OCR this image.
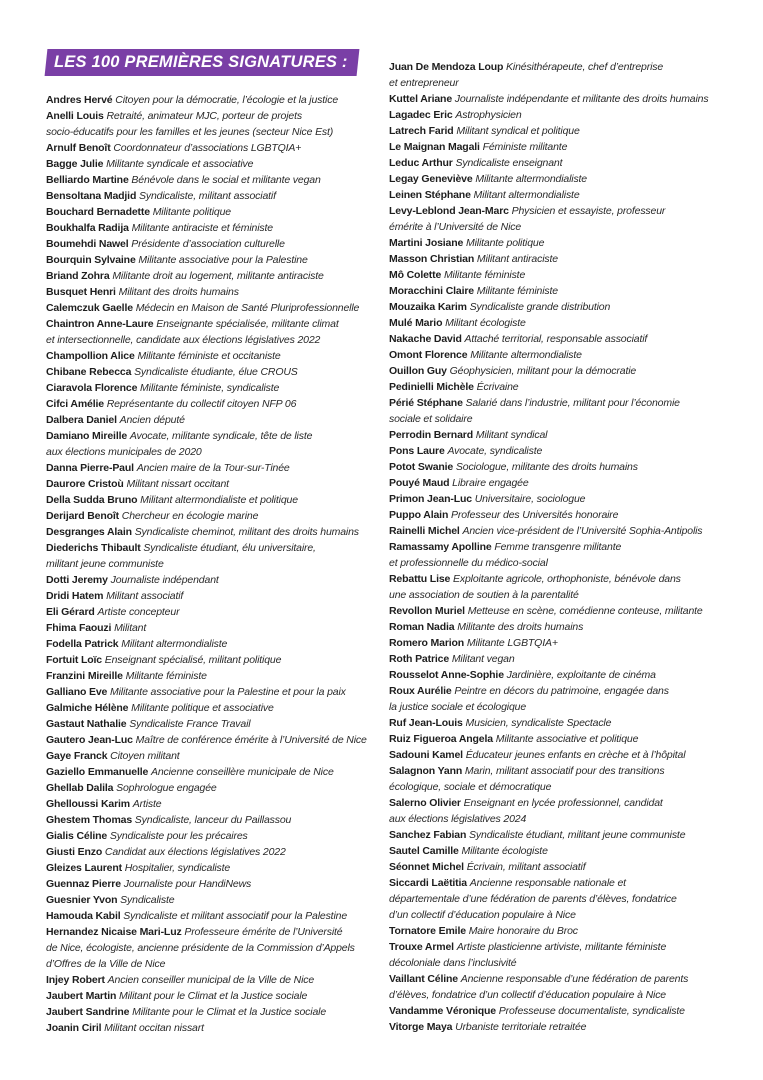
LES 100 PREMIÈRES SIGNATURES :
Andres Hervé Citoyen pour la démocratie, l’écologie et la justice
Anelli Louis Retraité, animateur MJC, porteur de projets
socio-éducatifs pour les familles et les jeunes (secteur Nice Est)
Arnulf Benoît Coordonnateur d’associations LGBTQIA+
Bagge Julie Militante syndicale et associative
Belliardo Martine Bénévole dans le social et militante vegan
Bensoltana Madjid Syndicaliste, militant associatif
Bouchard Bernadette Militante politique
Boukhalfa Radija Militante antiraciste et féministe
Boumehdi Nawel Présidente d’association culturelle
Bourquin Sylvaine Militante associative pour la Palestine
Briand Zohra Militante droit au logement, militante antiraciste
Busquet Henri Militant des droits humains
Calemczuk Gaelle Médecin en Maison de Santé Pluriprofessionnelle
Chaintron Anne-Laure Enseignante spécialisée, militante climat
et intersectionnelle, candidate aux élections législatives 2022
Champollion Alice Militante féministe et occitaniste
Chibane Rebecca Syndicaliste étudiante, élue CROUS
Ciaravola Florence Militante féministe, syndicaliste
Cifci Amélie Représentante du collectif citoyen NFP 06
Dalbera Daniel Ancien député
Damiano Mireille Avocate, militante syndicale, tête de liste
aux élections municipales de 2020
Danna Pierre-Paul Ancien maire de la Tour-sur-Tinée
Daurore Cristoù Militant nissart occitant
Della Sudda Bruno Militant altermondialiste et politique
Derijard Benoît Chercheur en écologie marine
Desgranges Alain Syndicaliste cheminot, militant des droits humains
Diederichs Thibault Syndicaliste étudiant, élu universitaire,
militant jeune communiste
Dotti Jeremy Journaliste indépendant
Dridi Hatem Militant associatif
Eli Gérard Artiste concepteur
Fhima Faouzi Militant
Fodella Patrick Militant altermondialiste
Fortuit Loïc Enseignant spécialisé, militant politique
Franzini Mireille Militante féministe
Galliano Eve Militante associative pour la Palestine et pour la paix
Galmiche Hélène Militante politique et associative
Gastaut Nathalie Syndicaliste France Travail
Gautero Jean-Luc Maître de conférence émérite à l’Université de Nice
Gaye Franck Citoyen militant
Gaziello Emmanuelle Ancienne conseillère municipale de Nice
Ghellab Dalila Sophrologue engagée
Ghelloussi Karim Artiste
Ghestem Thomas Syndicaliste, lanceur du Paillassou
Gialis Céline Syndicaliste pour les précaires
Giusti Enzo Candidat aux élections législatives 2022
Gleizes Laurent Hospitalier, syndicaliste
Guennaz Pierre Journaliste pour HandiNews
Guesnier Yvon Syndicaliste
Hamouda Kabil Syndicaliste et militant associatif pour la Palestine
Hernandez Nicaise Mari-Luz Professeure émérite de l’Université
de Nice, écologiste, ancienne présidente de la Commission d’Appels
d’Offres de la Ville de Nice
Injey Robert Ancien conseiller municipal de la Ville de Nice
Jaubert Martin Militant pour le Climat et la Justice sociale
Jaubert Sandrine Militante pour le Climat et la Justice sociale
Joanin Ciril Militant occitan nissart
Juan De Mendoza Loup Kinésithérapeute, chef d’entreprise
et entrepreneur
Kuttel Ariane Journaliste indépendante et militante des droits humains
Lagadec Eric Astrophysicien
Latrech Farid Militant syndical et politique
Le Maignan Magali Féministe militante
Leduc Arthur Syndicaliste enseignant
Legay Geneviève Militante altermondialiste
Leinen Stéphane Militant altermondialiste
Levy-Leblond Jean-Marc Physicien et essayiste, professeur
émérite à l’Université de Nice
Martini Josiane Militante politique
Masson Christian Militant antiraciste
Mô Colette Militante féministe
Moracchini Claire Militante féministe
Mouzaika Karim Syndicaliste grande distribution
Mulé Mario Militant écologiste
Nakache David Attaché territorial, responsable associatif
Omont Florence Militante altermondialiste
Ouillon Guy Géophysicien, militant pour la démocratie
Pedinielli Michèle Écrivaine
Périé Stéphane Salarié dans l’industrie, militant pour l’économie
sociale et solidaire
Perrodin Bernard Militant syndical
Pons Laure Avocate, syndicaliste
Potot Swanie Sociologue, militante des droits humains
Pouyé Maud Libraire engagée
Primon Jean-Luc Universitaire, sociologue
Puppo Alain Professeur des Universités honoraire
Rainelli Michel Ancien vice-président de l’Université Sophia-Antipolis
Ramassamy Apolline Femme transgenre militante
et professionnelle du médico-social
Rebattu Lise Exploitante agricole, orthophoniste, bénévole dans
une association de soutien à la parentalité
Revollon Muriel Metteuse en scène, comédienne conteuse, militante
Roman Nadia Militante des droits humains
Romero Marion Militante LGBTQIA+
Roth Patrice Militant vegan
Rousselot Anne-Sophie Jardinière, exploitante de cinéma
Roux Aurélie Peintre en décors du patrimoine, engagée dans
la justice sociale et écologique
Ruf Jean-Louis Musicien, syndicaliste Spectacle
Ruiz Figueroa Angela Militante associative et politique
Sadouni Kamel Éducateur jeunes enfants en crèche et à l’hôpital
Salagnon Yann Marin, militant associatif pour des transitions
écologique, sociale et démocratique
Salerno Olivier Enseignant en lycée professionnel, candidat
aux élections législatives 2024
Sanchez Fabian Syndicaliste étudiant, militant jeune communiste
Sautel Camille Militante écologiste
Séonnet Michel Écrivain, militant associatif
Siccardi Laëtitia Ancienne responsable nationale et
départementale d’une fédération de parents d’élèves, fondatrice
d’un collectif d’éducation populaire à Nice
Tornatore Emile Maire honoraire du Broc
Trouxe Armel Artiste plasticienne artiviste, militante féministe
décoloniale dans l’inclusivité
Vaillant Céline Ancienne responsable d’une fédération de parents
d’élèves, fondatrice d’un collectif d’éducation populaire à Nice
Vandamme Véronique Professeuse documentaliste, syndicaliste
Vitorge Maya Urbaniste territoriale retraitée
